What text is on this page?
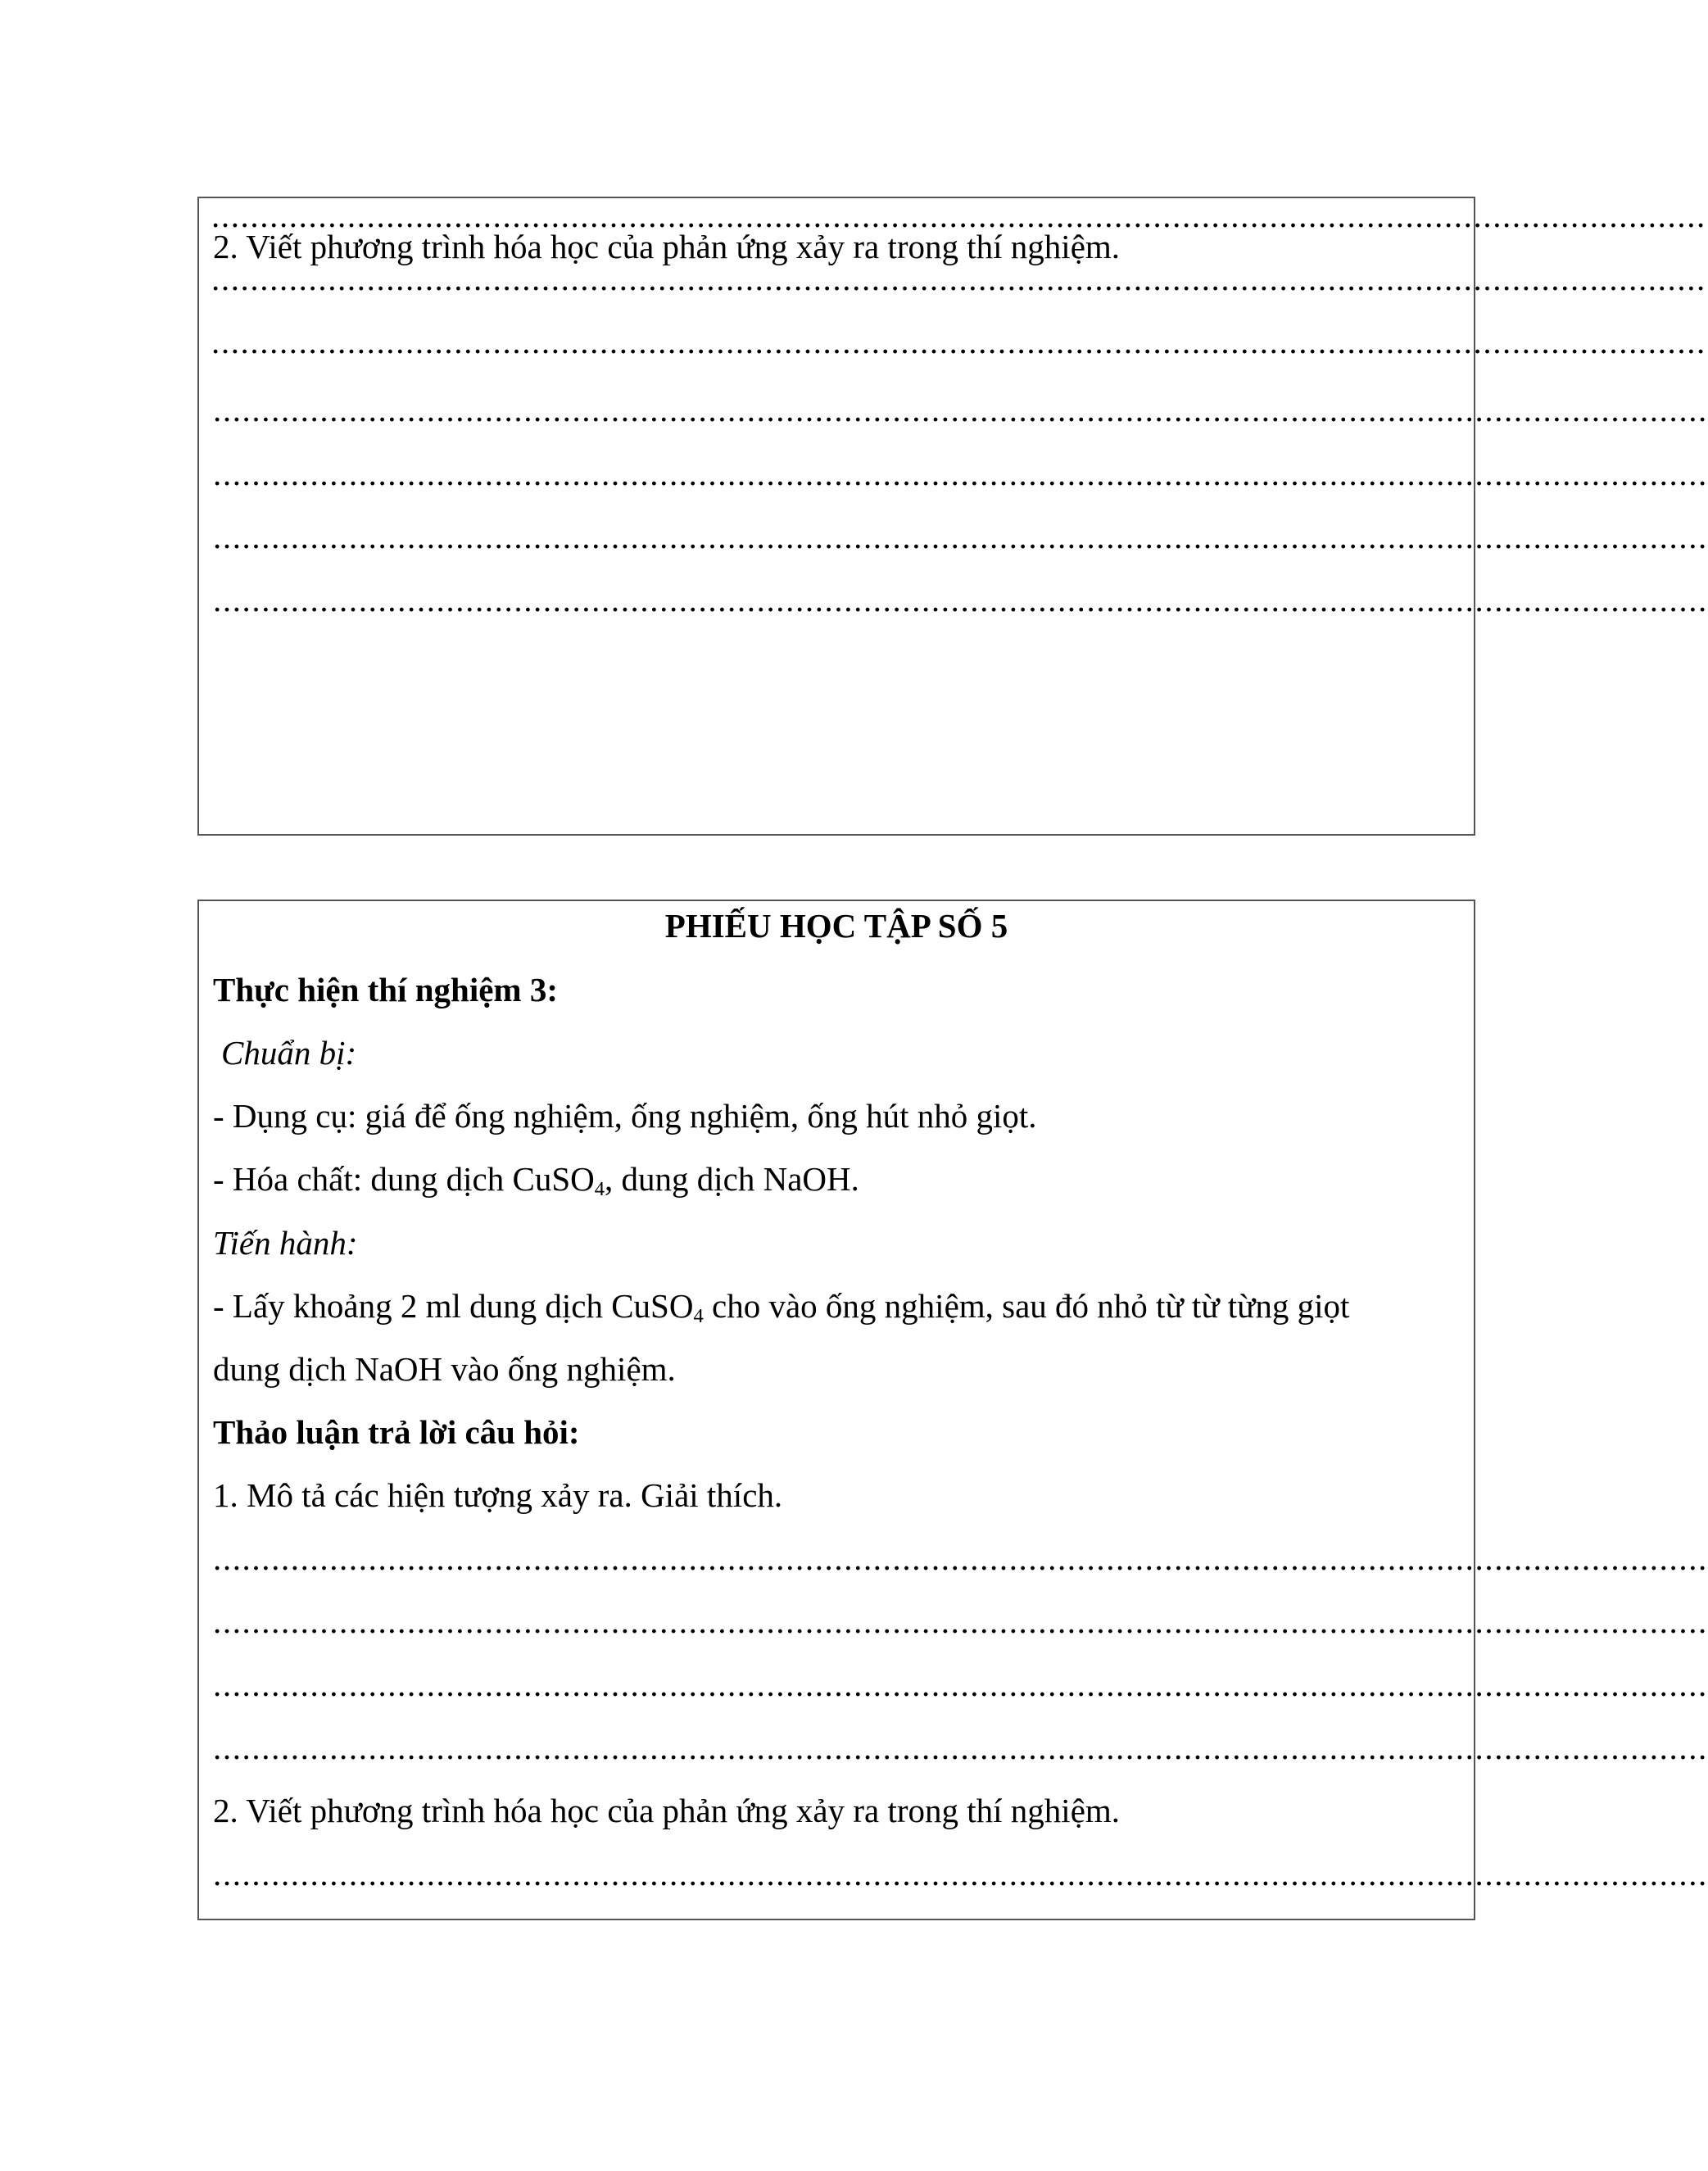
..........................................................................................................................................................
..........................................................................................................................................................
..........................................................................................................................................................
..........................................................................................................................................................
2. Viết phương trình hóa học của phản ứng xảy ra trong thí nghiệm.
..........................................................................................................................................................
..........................................................................................................................................................
..........................................................................................................................................................
PHIẾU HỌC TẬP SỐ 5
Thực hiện thí nghiệm 3:
Chuẩn bị:
- Dụng cụ: giá để ống nghiệm, ống nghiệm, ống hút nhỏ giọt.
- Hóa chất: dung dịch CuSO$_4$, dung dịch NaOH.
Tiến hành:
- Lấy khoảng 2 ml dung dịch CuSO$_4$ cho vào ống nghiệm, sau đó nhỏ từ từ từng giọt
dung dịch NaOH vào ống nghiệm.
Thảo luận trả lời câu hỏi:
1. Mô tả các hiện tượng xảy ra. Giải thích.
..........................................................................................................................................................
..........................................................................................................................................................
..........................................................................................................................................................
..........................................................................................................................................................
2. Viết phương trình hóa học của phản ứng xảy ra trong thí nghiệm.
..........................................................................................................................................................
